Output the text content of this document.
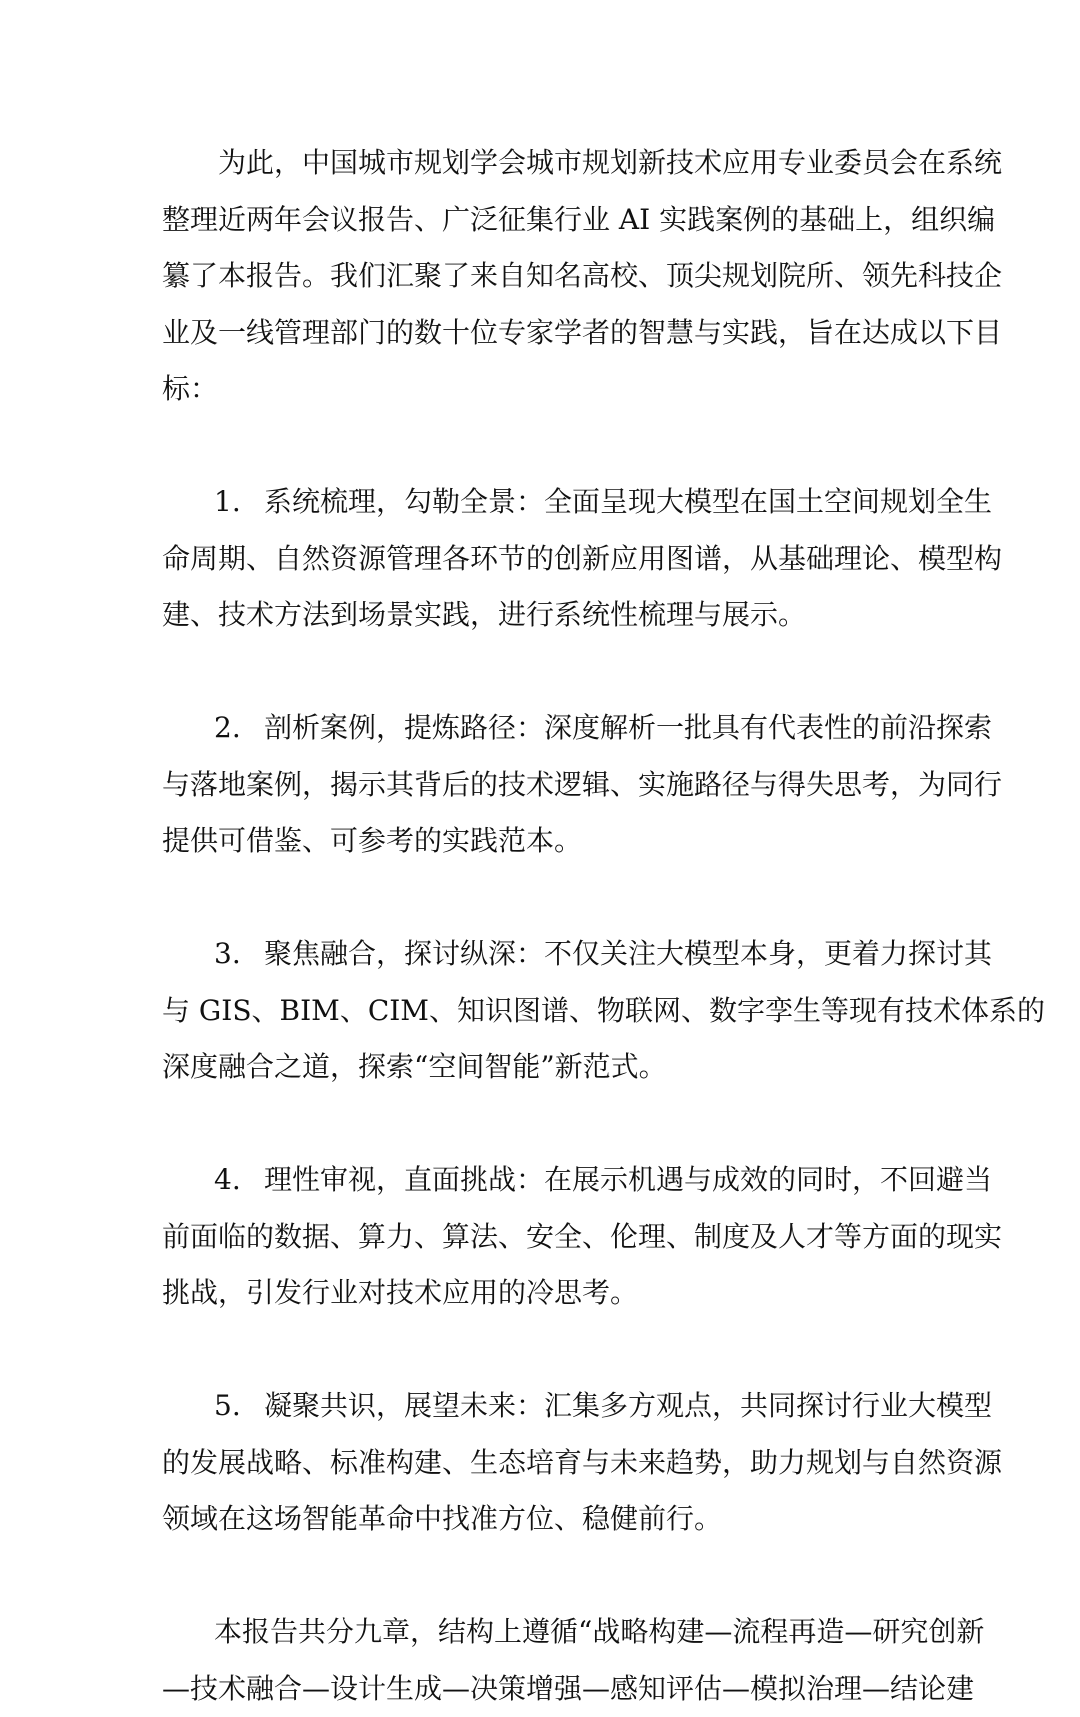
为此，中国城市规划学会城市规划新技术应用专业委员会在系统
整理近两年会议报告、广泛征集行业 AI 实践案例的基础上，组织编
纂了本报告。我们汇聚了来自知名高校、顶尖规划院所、领先科技企
业及一线管理部门的数十位专家学者的智慧与实践，旨在达成以下目
标：
1. 系统梳理，勾勒全景：全面呈现大模型在国土空间规划全生
命周期、自然资源管理各环节的创新应用图谱，从基础理论、模型构
建、技术方法到场景实践，进行系统性梳理与展示。
2. 剖析案例，提炼路径：深度解析一批具有代表性的前沿探索
与落地案例，揭示其背后的技术逻辑、实施路径与得失思考，为同行
提供可借鉴、可参考的实践范本。
3. 聚焦融合，探讨纵深：不仅关注大模型本身，更着力探讨其
与 GIS、BIM、CIM、知识图谱、物联网、数字孪生等现有技术体系的
深度融合之道，探索“空间智能”新范式。
4. 理性审视，直面挑战：在展示机遇与成效的同时，不回避当
前面临的数据、算力、算法、安全、伦理、制度及人才等方面的现实
挑战，引发行业对技术应用的冷思考。
5. 凝聚共识，展望未来：汇集多方观点，共同探讨行业大模型
的发展战略、标准构建、生态培育与未来趋势，助力规划与自然资源
领域在这场智能革命中找准方位、稳健前行。
本报告共分九章，结构上遵循“战略构建—流程再造—研究创新
—技术融合—设计生成—决策增强—感知评估—模拟治理—结论建
